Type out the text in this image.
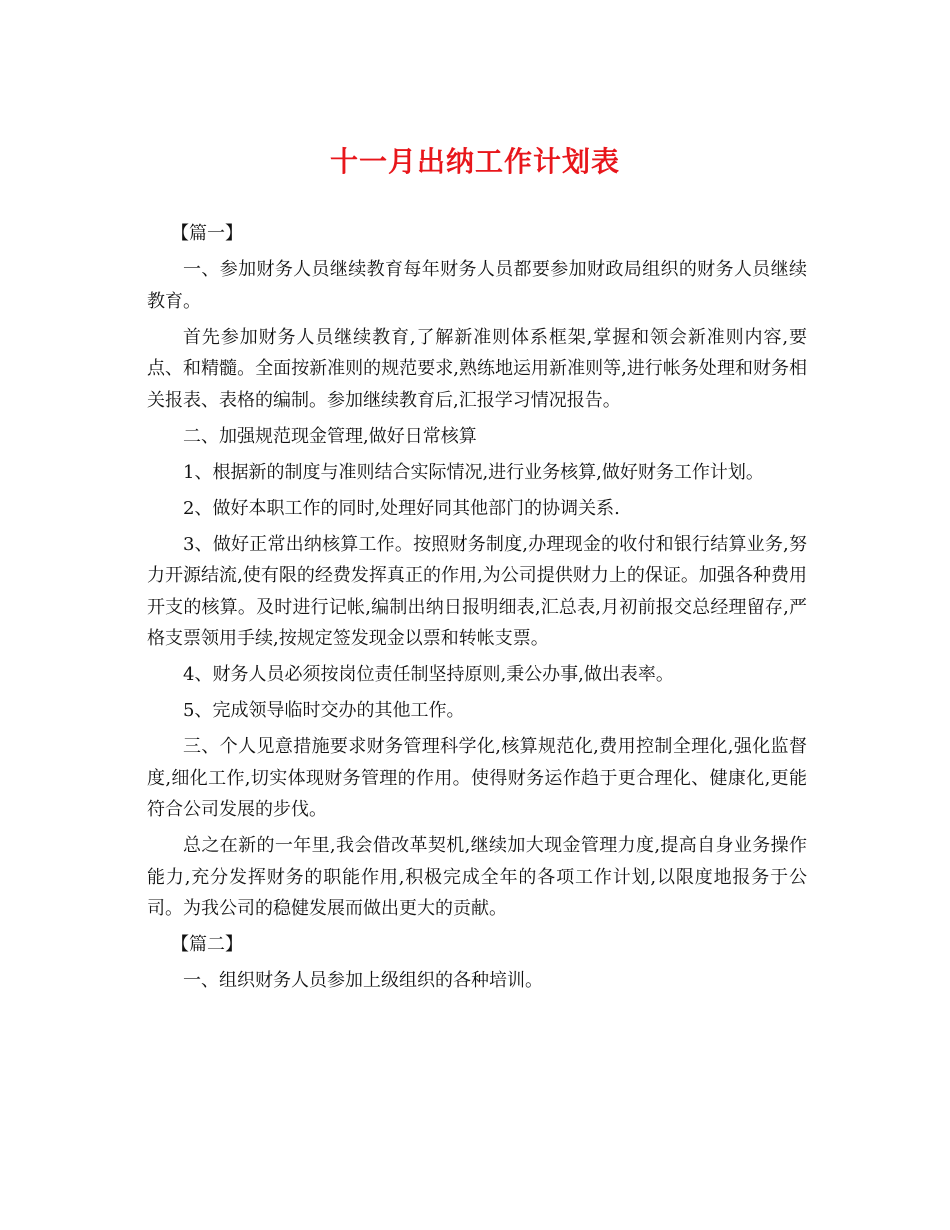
十一月出纳工作计划表

【篇一】

一、参加财务人员继续教育每年财务人员都要参加财政局组织的财务人员继续教育。

首先参加财务人员继续教育,了解新准则体系框架,掌握和领会新准则内容,要点、和精髓。全面按新准则的规范要求,熟练地运用新准则等,进行帐务处理和财务相关报表、表格的编制。参加继续教育后,汇报学习情况报告。

二、加强规范现金管理,做好日常核算

1、根据新的制度与准则结合实际情况,进行业务核算,做好财务工作计划。

2、做好本职工作的同时,处理好同其他部门的协调关系.

3、做好正常出纳核算工作。按照财务制度,办理现金的收付和银行结算业务,努力开源结流,使有限的经费发挥真正的作用,为公司提供财力上的保证。加强各种费用开支的核算。及时进行记帐,编制出纳日报明细表,汇总表,月初前报交总经理留存,严格支票领用手续,按规定签发现金以票和转帐支票。

4、财务人员必须按岗位责任制坚持原则,秉公办事,做出表率。

5、完成领导临时交办的其他工作。

三、个人见意措施要求财务管理科学化,核算规范化,费用控制全理化,强化监督度,细化工作,切实体现财务管理的作用。使得财务运作趋于更合理化、健康化,更能符合公司发展的步伐。

总之在新的一年里,我会借改革契机,继续加大现金管理力度,提高自身业务操作能力,充分发挥财务的职能作用,积极完成全年的各项工作计划,以限度地报务于公司。为我公司的稳健发展而做出更大的贡献。

【篇二】

一、组织财务人员参加上级组织的各种培训。
